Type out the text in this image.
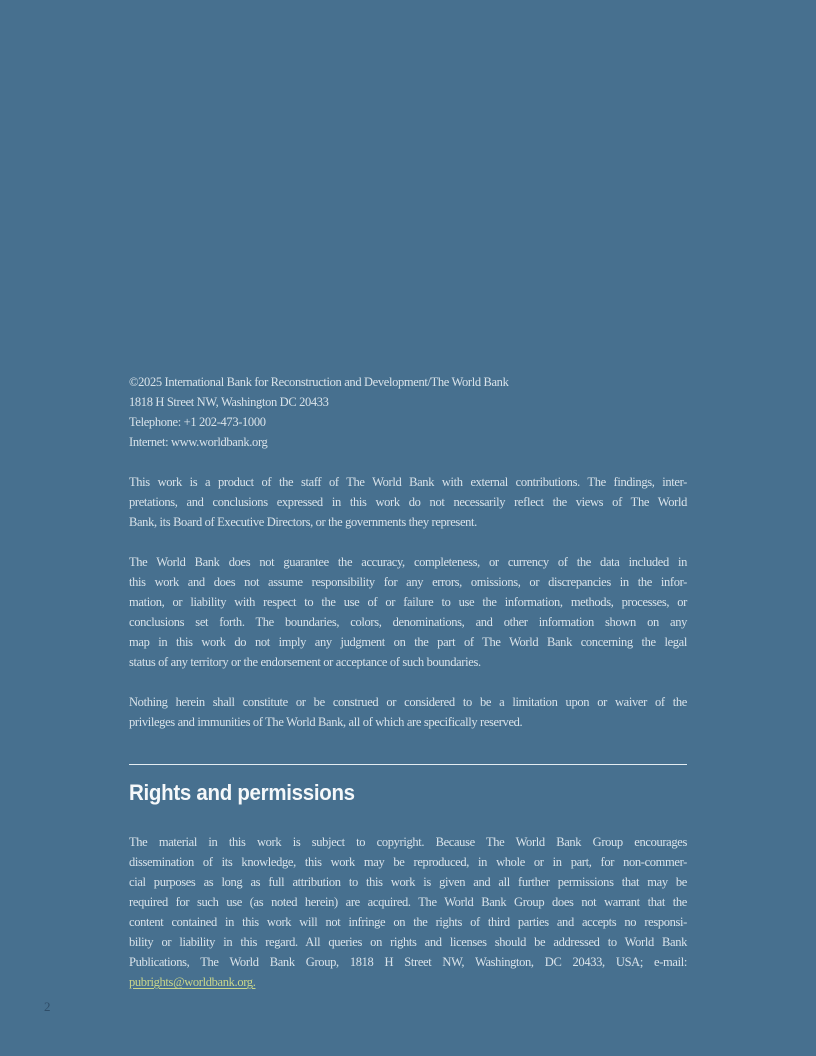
©2025 International Bank for Reconstruction and Development/The World Bank
1818 H Street NW, Washington DC 20433
Telephone: +1 202-473-1000
Internet: www.worldbank.org
This work is a product of the staff of The World Bank with external contributions. The findings, inter-
pretations, and conclusions expressed in this work do not necessarily reflect the views of The World
Bank, its Board of Executive Directors, or the governments they represent.
The World Bank does not guarantee the accuracy, completeness, or currency of the data included in
this work and does not assume responsibility for any errors, omissions, or discrepancies in the infor-
mation, or liability with respect to the use of or failure to use the information, methods, processes, or
conclusions set forth. The boundaries, colors, denominations, and other information shown on any
map in this work do not imply any judgment on the part of The World Bank concerning the legal
status of any territory or the endorsement or acceptance of such boundaries.
Nothing herein shall constitute or be construed or considered to be a limitation upon or waiver of the
privileges and immunities of The World Bank, all of which are specifically reserved.
Rights and permissions
The material in this work is subject to copyright. Because The World Bank Group encourages
dissemination of its knowledge, this work may be reproduced, in whole or in part, for non-commer-
cial purposes as long as full attribution to this work is given and all further permissions that may be
required for such use (as noted herein) are acquired. The World Bank Group does not warrant that the
content contained in this work will not infringe on the rights of third parties and accepts no responsi-
bility or liability in this regard. All queries on rights and licenses should be addressed to World Bank
Publications, The World Bank Group, 1818 H Street NW, Washington, DC 20433, USA; e-mail:
pubrights@worldbank.org.
2
